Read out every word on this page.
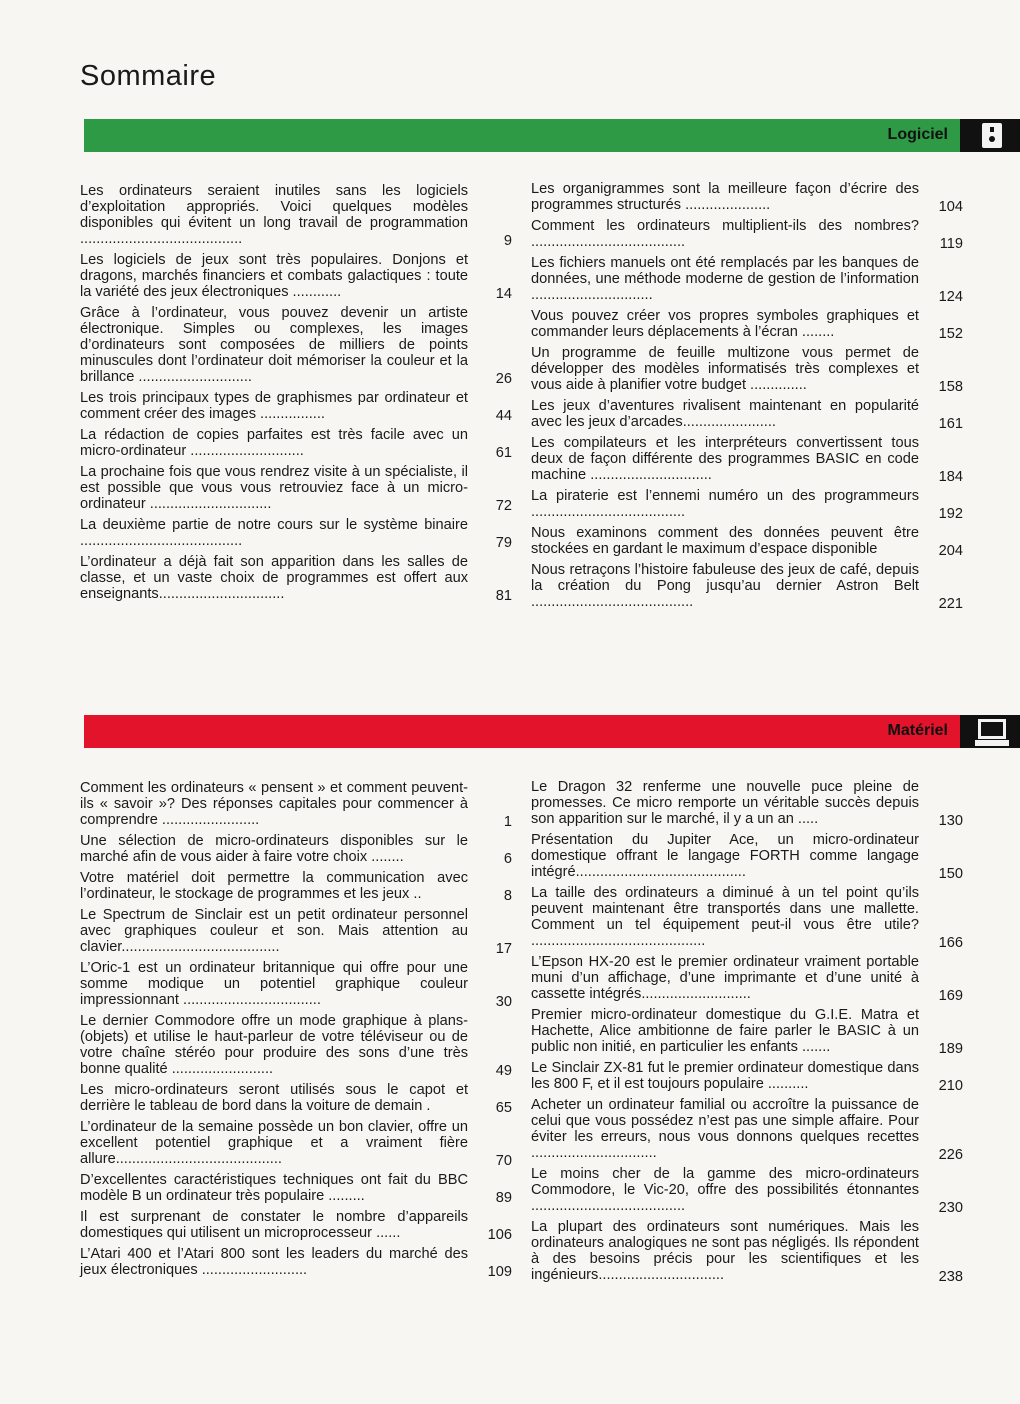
Sommaire
Logiciel
Les ordinateurs seraient inutiles sans les logiciels d’exploitation appropriés. Voici quelques modèles disponibles qui évitent un long travail de programmation ........................................	9
Les logiciels de jeux sont très populaires. Donjons et dragons, marchés financiers et combats galactiques : toute la variété des jeux électroniques ............	14
Grâce à l’ordinateur, vous pouvez devenir un artiste électronique. Simples ou complexes, les images d’ordinateurs sont composées de milliers de points minuscules dont l’ordinateur doit mémoriser la couleur et la brillance ............................	26
Les trois principaux types de graphismes par ordinateur et comment créer des images ................	44
La rédaction de copies parfaites est très facile avec un micro-ordinateur ............................	61
La prochaine fois que vous rendrez visite à un spécialiste, il est possible que vous vous retrouviez face à un micro-ordinateur ..............................	72
La deuxième partie de notre cours sur le système binaire ........................................	79
L’ordinateur a déjà fait son apparition dans les salles de classe, et un vaste choix de programmes est offert aux enseignants...............................	81
Les organigrammes sont la meilleure façon d’écrire des programmes structurés .....................	104
Comment les ordinateurs multiplient-ils des nombres? ......................................	119
Les fichiers manuels ont été remplacés par les banques de données, une méthode moderne de gestion de l’information ..............................	124
Vous pouvez créer vos propres symboles graphiques et commander leurs déplacements à l’écran ........	152
Un programme de feuille multizone vous permet de développer des modèles informatisés très complexes et vous aide à planifier votre budget ..............	158
Les jeux d’aventures rivalisent maintenant en popularité avec les jeux d’arcades.......................	161
Les compilateurs et les interpréteurs convertissent tous deux de façon différente des programmes BASIC en code machine ..............................	184
La piraterie est l’ennemi numéro un des programmeurs ......................................	192
Nous examinons comment des données peuvent être stockées en gardant le maximum d’espace disponible	204
Nous retraçons l’histoire fabuleuse des jeux de café, depuis la création du Pong jusqu’au dernier Astron Belt ........................................	221
Matériel
Comment les ordinateurs « pensent » et comment peuvent-ils « savoir »? Des réponses capitales pour commencer à comprendre ........................	1
Une sélection de micro-ordinateurs disponibles sur le marché afin de vous aider à faire votre choix ........	6
Votre matériel doit permettre la communication avec l’ordinateur, le stockage de programmes et les jeux ..	8
Le Spectrum de Sinclair est un petit ordinateur personnel avec graphiques couleur et son. Mais attention au clavier.......................................	17
L’Oric-1 est un ordinateur britannique qui offre pour une somme modique un potentiel graphique couleur impressionnant ..................................	30
Le dernier Commodore offre un mode graphique à plans-(objets) et utilise le haut-parleur de votre téléviseur ou de votre chaîne stéréo pour produire des sons d’une très bonne qualité .........................	49
Les micro-ordinateurs seront utilisés sous le capot et derrière le tableau de bord dans la voiture de demain .	65
L’ordinateur de la semaine possède un bon clavier, offre un excellent potentiel graphique et a vraiment fière allure.........................................	70
D’excellentes caractéristiques techniques ont fait du BBC modèle B un ordinateur très populaire .........	89
Il est surprenant de constater le nombre d’appareils domestiques qui utilisent un microprocesseur ......	106
L’Atari 400 et l’Atari 800 sont les leaders du marché des jeux électroniques ..........................	109
Le Dragon 32 renferme une nouvelle puce pleine de promesses. Ce micro remporte un véritable succès depuis son apparition sur le marché, il y a un an .....	130
Présentation du Jupiter Ace, un micro-ordinateur domestique offrant le langage FORTH comme langage intégré..........................................	150
La taille des ordinateurs a diminué à un tel point qu’ils peuvent maintenant être transportés dans une mallette. Comment un tel équipement peut-il vous être utile? ...........................................	166
L’Epson HX-20 est le premier ordinateur vraiment portable muni d’un affichage, d’une imprimante et d’une unité à cassette intégrés...........................	169
Premier micro-ordinateur domestique du G.I.E. Matra et Hachette, Alice ambitionne de faire parler le BASIC à un public non initié, en particulier les enfants .......	189
Le Sinclair ZX-81 fut le premier ordinateur domestique dans les 800 F, et il est toujours populaire ..........	210
Acheter un ordinateur familial ou accroître la puissance de celui que vous possédez n’est pas une simple affaire. Pour éviter les erreurs, nous vous donnons quelques recettes ...............................	226
Le moins cher de la gamme des micro-ordinateurs Commodore, le Vic-20, offre des possibilités étonnantes ......................................	230
La plupart des ordinateurs sont numériques. Mais les ordinateurs analogiques ne sont pas négligés. Ils répondent à des besoins précis pour les scientifiques et les ingénieurs...............................	238
